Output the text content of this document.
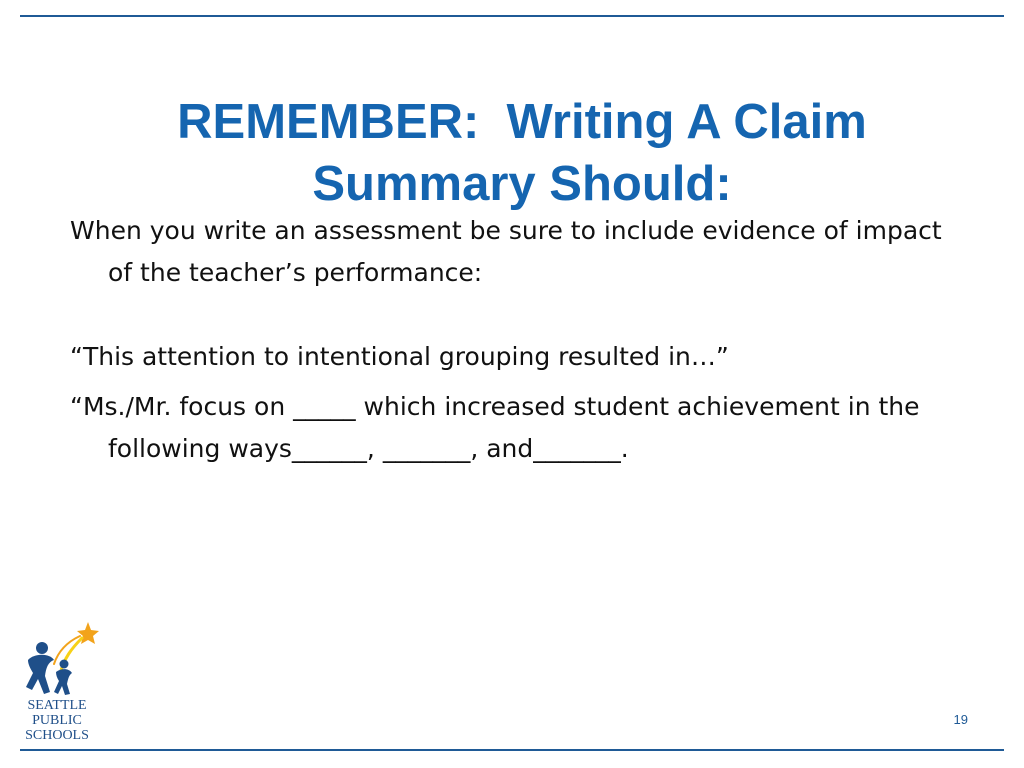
REMEMBER:  Writing A Claim
Summary Should:

When you write an assessment be sure to include evidence of impact of the teacher’s performance:

“This attention to intentional grouping resulted in…”

“Ms./Mr. focus on _____ which increased student achievement in the following ways______, _______, and_______.

SEATTLE
PUBLIC
SCHOOLS
19
